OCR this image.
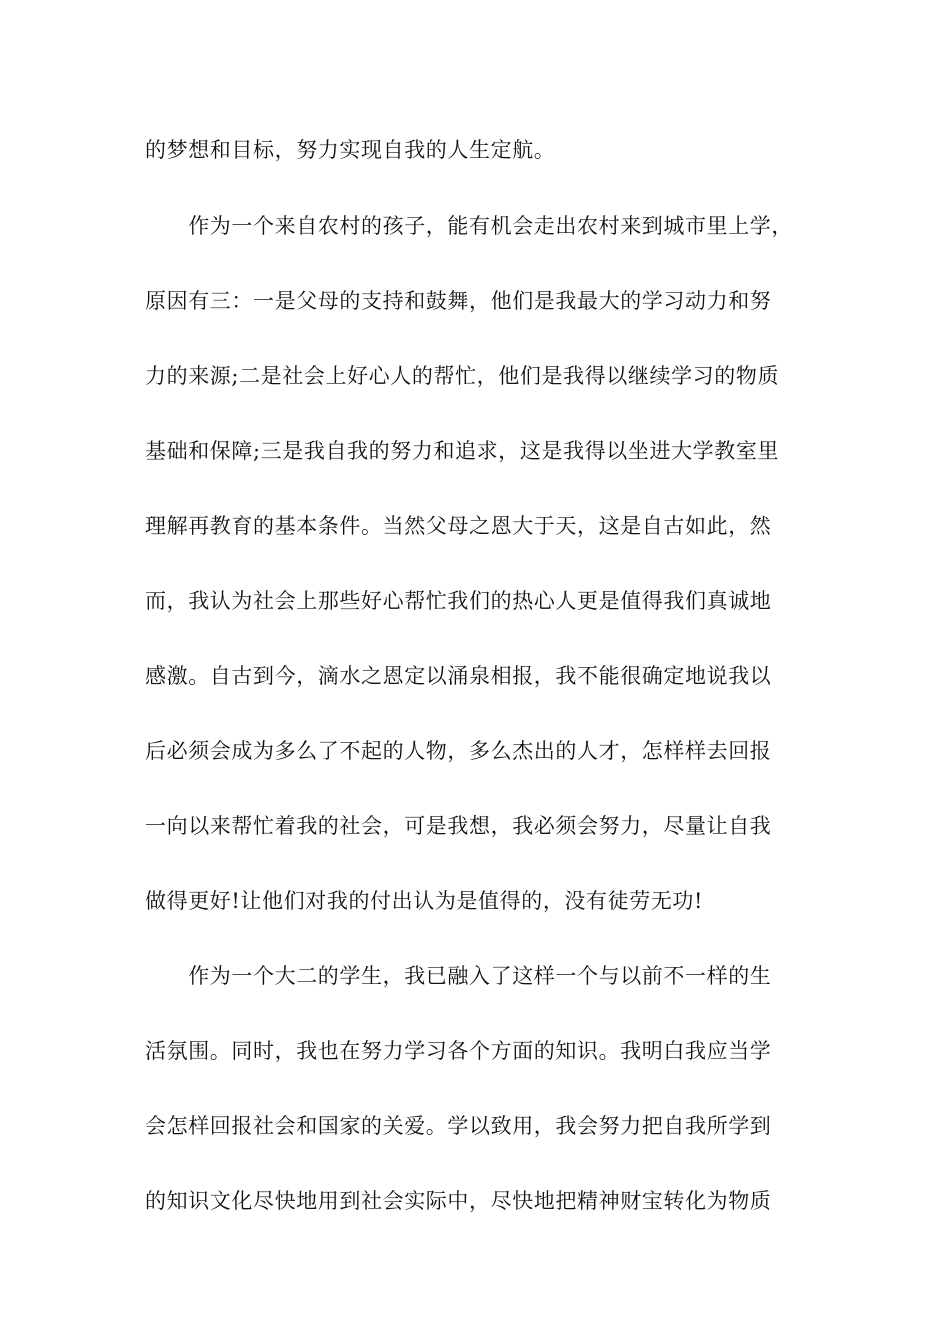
的梦想和目标，努力实现自我的人生定航。
　　作为一个来自农村的孩子，能有机会走出农村来到城市里上学，
原因有三：一是父母的支持和鼓舞，他们是我最大的学习动力和努
力的来源;二是社会上好心人的帮忙，他们是我得以继续学习的物质
基础和保障;三是我自我的努力和追求，这是我得以坐进大学教室里
理解再教育的基本条件。当然父母之恩大于天，这是自古如此，然
而，我认为社会上那些好心帮忙我们的热心人更是值得我们真诚地
感激。自古到今，滴水之恩定以涌泉相报，我不能很确定地说我以
后必须会成为多么了不起的人物，多么杰出的人才，怎样样去回报
一向以来帮忙着我的社会，可是我想，我必须会努力，尽量让自我
做得更好!让他们对我的付出认为是值得的，没有徒劳无功!
　　作为一个大二的学生，我已融入了这样一个与以前不一样的生
活氛围。同时，我也在努力学习各个方面的知识。我明白我应当学
会怎样回报社会和国家的关爱。学以致用，我会努力把自我所学到
的知识文化尽快地用到社会实际中，尽快地把精神财宝转化为物质
